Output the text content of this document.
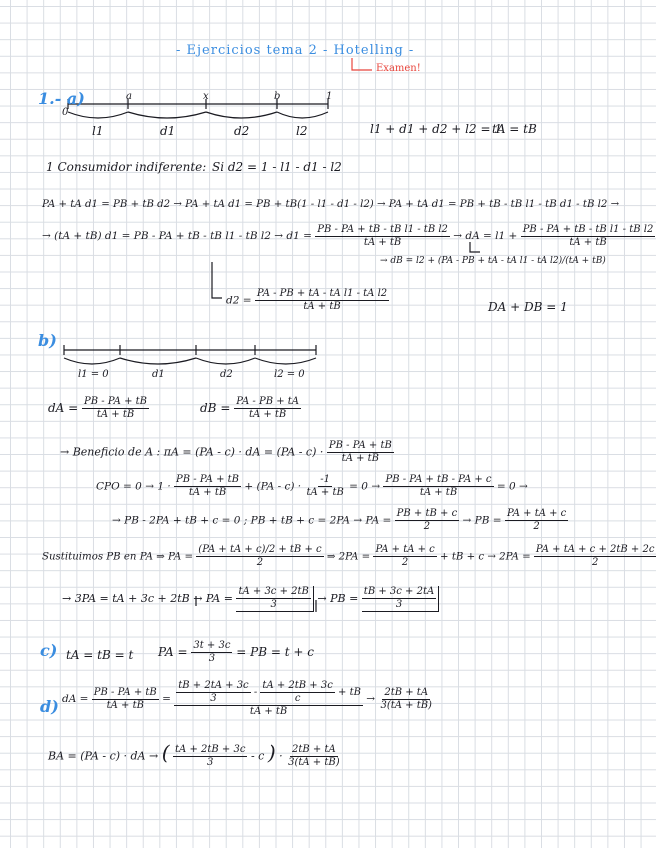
- Ejercicios tema 2 - Hotelling -
Examen!
1.- a)
0
a	x	b	1
l1	d1	d2	l2	l1 + d1 + d2 + l2 = 1
tA = tB
1 Consumidor indiferente: Si d2 = 1 - l1 - d1 - l2
PA + tA d1 = PB + tB d2 → PA + tA d1 = PB + tB(1 - l1 - d1 - l2) → PA + tA d1 = PB + tB - tB l1 - tB d1 - tB l2 →
→ (tA + tB) d1 = PB - PA + tB - tB l1 - tB $l2 \to d1 = \frac{\text{PB - PA + tB - tB l1 - tB l2}}{tA + tB}$ → dA = $l1 + \frac{\text{PB - PA + tB - tB l1 - tB l2}}{tA + tB}$
→ dB = l2 + (PA - PB + tA - tA l1 - tA l2)/(tA + tB)
$d2 = \frac{\text{PA - PB + tA - tA l1 - tA l2}}{tA + tB}$	DA + DB = 1
b)
l1 = 0	d1	d2	l2 = 0
dA = $\frac{PB - PA + tB}{tA + tB}$	dB = $\frac{PA - PB + tA}{tA + tB}$
→ Beneficio de A : πA = (PA - c) · dA = $(PA - c) \cdot \frac{PB - PA + tB}{tA + tB}$
CPO = $0 \to 1 \cdot \frac{PB - PA + tB}{tA + tB} + (PA - c) \cdot \frac{-1}{tA + tB} = 0 \to \frac{PB - PA + tB - PA + c}{tA + tB} = 0$ →
→ PB - 2PA + tB + c = 0 ; PB + tB + c = 2PA → PA = $\frac{PB + tB + c}{2}$ → PB = $\frac{PA + tA + c}{2}$
Sustituimos PB en PA ⇒ PA = $\frac{(PA + tA + c)/2 + tB + c}{2}$ ⇒ $2PA = \frac{PA + tA + c}{2}$ + tB + $c \to 2PA = \frac{PA + tA + c + 2tB + 2c}{2}$
→ 3PA = tA + 3c + 2tB → PA = $\frac{tA + 3c + 2tB}{3}$ → PB = $\frac{tB + 3c + 2tA}{3}$
c) tA = tB = t PA = $\frac{3t + 3c}{3}$ = PB = t + c
d) dA = $\frac{PB - PA + tB}{tA + tB} = \frac{\frac{tB + 2tA + 3c}{3} - \frac{tA + 2tB + 3c}{c} + tB}{tA + tB} \to \frac{2tB + tA}{3(tA + tB)}$
BA = (PA - c) · dA → ( $\frac{tA + 2tB + 3c}{3}$ - c ) · $\frac{2tB + tA}{3(tA + tB)}$
